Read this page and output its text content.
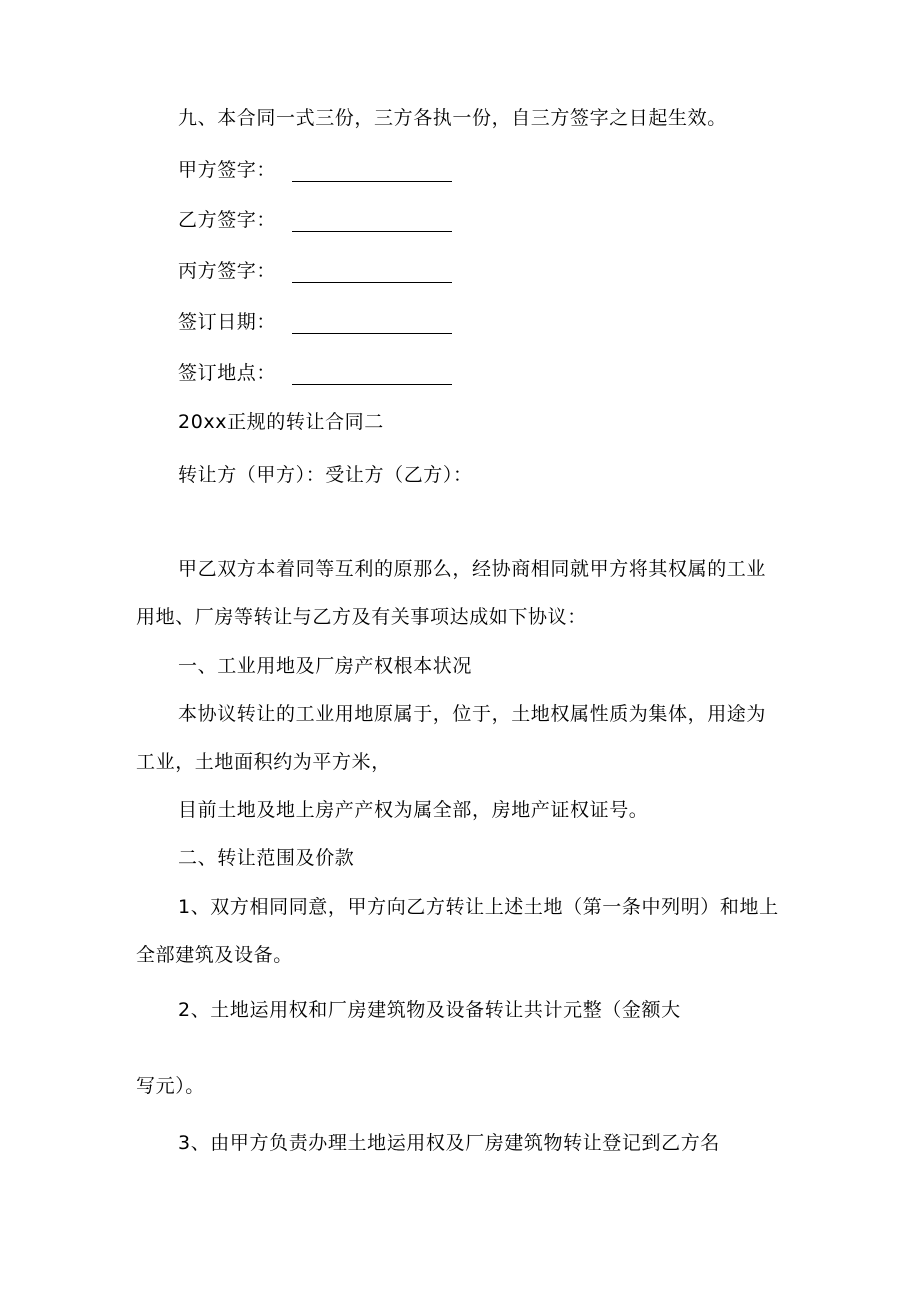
九、本合同一式三份，三方各执一份，自三方签字之日起生效。
甲方签字：
乙方签字：
丙方签字：
签订日期：
签订地点：
20xx正规的转让合同二
转让方（甲方）：受让方（乙方）：
甲乙双方本着同等互利的原那么，经协商相同就甲方将其权属的工业
用地、厂房等转让与乙方及有关事项达成如下协议：
一、工业用地及厂房产权根本状况
本协议转让的工业用地原属于，位于，土地权属性质为集体，用途为
工业，土地面积约为平方米，
目前土地及地上房产产权为属全部，房地产证权证号。
二、转让范围及价款
1、双方相同同意，甲方向乙方转让上述土地（第一条中列明）和地上
全部建筑及设备。
2、土地运用权和厂房建筑物及设备转让共计元整（金额大
写元）。
3、由甲方负责办理土地运用权及厂房建筑物转让登记到乙方名
